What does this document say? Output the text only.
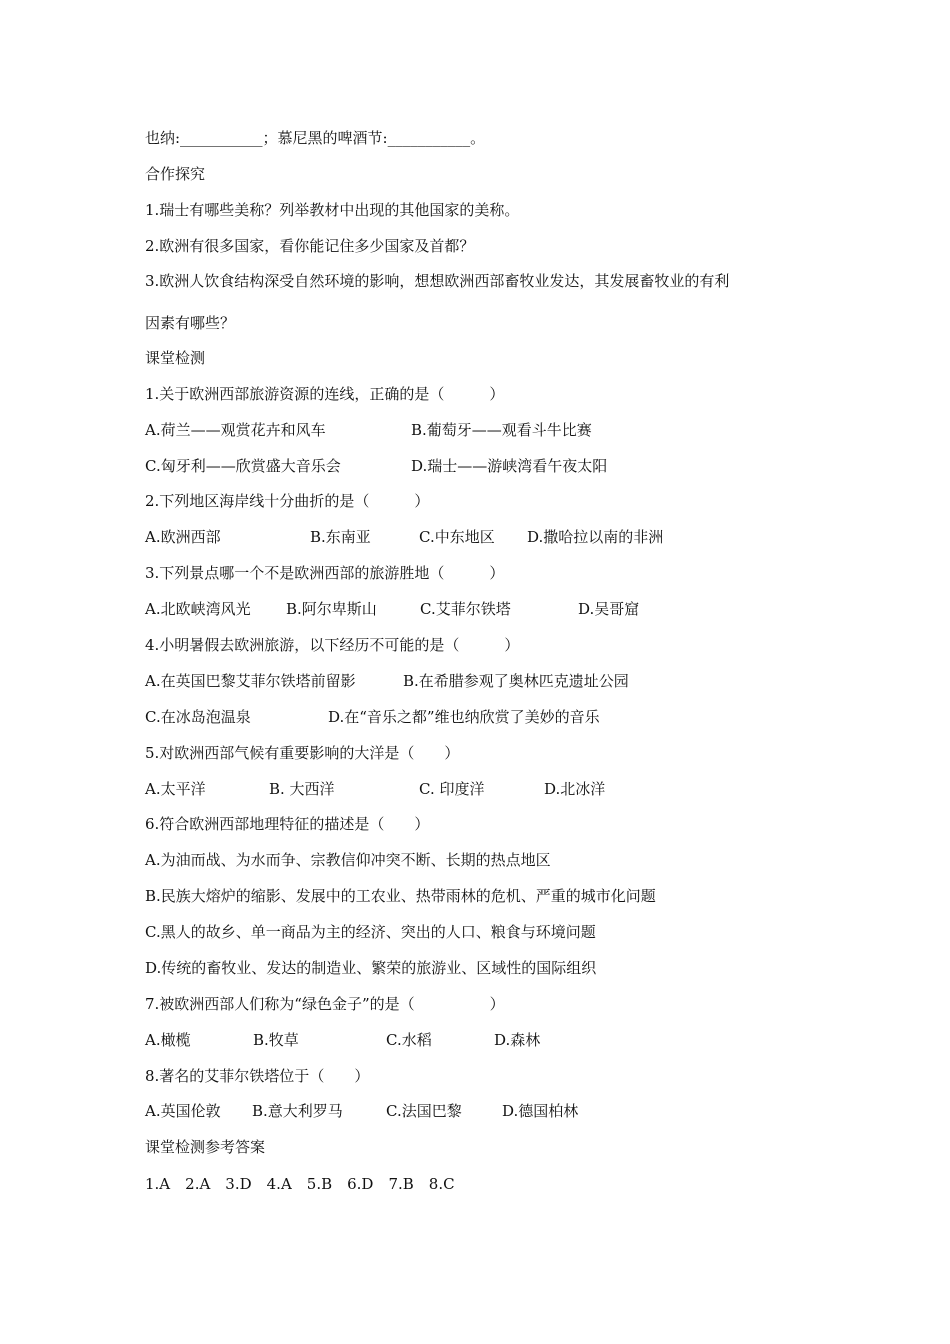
也纳:___________；慕尼黑的啤酒节:___________。
合作探究
1.瑞士有哪些美称？列举教材中出现的其他国家的美称。
2.欧洲有很多国家，看你能记住多少国家及首都？
3.欧洲人饮食结构深受自然环境的影响，想想欧洲西部畜牧业发达，其发展畜牧业的有利
因素有哪些？
课堂检测
1.关于欧洲西部旅游资源的连线，正确的是（　　　）

A.荷兰——观赏花卉和风车

	B.葡萄牙——观看斗牛比赛

C.匈牙利——欣赏盛大音乐会

	D.瑞士——游峡湾看午夜太阳

2.下列地区海岸线十分曲折的是（　　　）

A.欧洲西部

	B.东南亚

	C.中东地区

D.撒哈拉以南的非洲

3.下列景点哪一个不是欧洲西部的旅游胜地（　　　）

A.北欧峡湾风光

B.阿尔卑斯山

	C.艾菲尔铁塔

	D.吴哥窟

4.小明暑假去欧洲旅游，以下经历不可能的是（　　　）

A.在英国巴黎艾菲尔铁塔前留影

	B.在希腊参观了奥林匹克遗址公园

C.在冰岛泡温泉

	D.在“音乐之都”维也纳欣赏了美妙的音乐

5.对欧洲西部气候有重要影响的大洋是（　　）

A.太平洋

	B. 大西洋

	C. 印度洋

	D.北冰洋

6.符合欧洲西部地理特征的描述是（　　）
A.为油而战、为水而争、宗教信仰冲突不断、长期的热点地区
B.民族大熔炉的缩影、发展中的工农业、热带雨林的危机、严重的城市化问题
C.黑人的故乡、单一商品为主的经济、突出的人口、粮食与环境问题
D.传统的畜牧业、发达的制造业、繁荣的旅游业、区域性的国际组织
7.被欧洲西部人们称为“绿色金子”的是（　　　　　）

A.橄榄

	B.牧草

	C.水稻

	D.森林

8.著名的艾菲尔铁塔位于（　　）

A.英国伦敦

B.意大利罗马

	C.法国巴黎

	D.德国柏林

课堂检测参考答案
1.A　2.A　3.D　4.A　5.B　6.D　7.B　8.C
